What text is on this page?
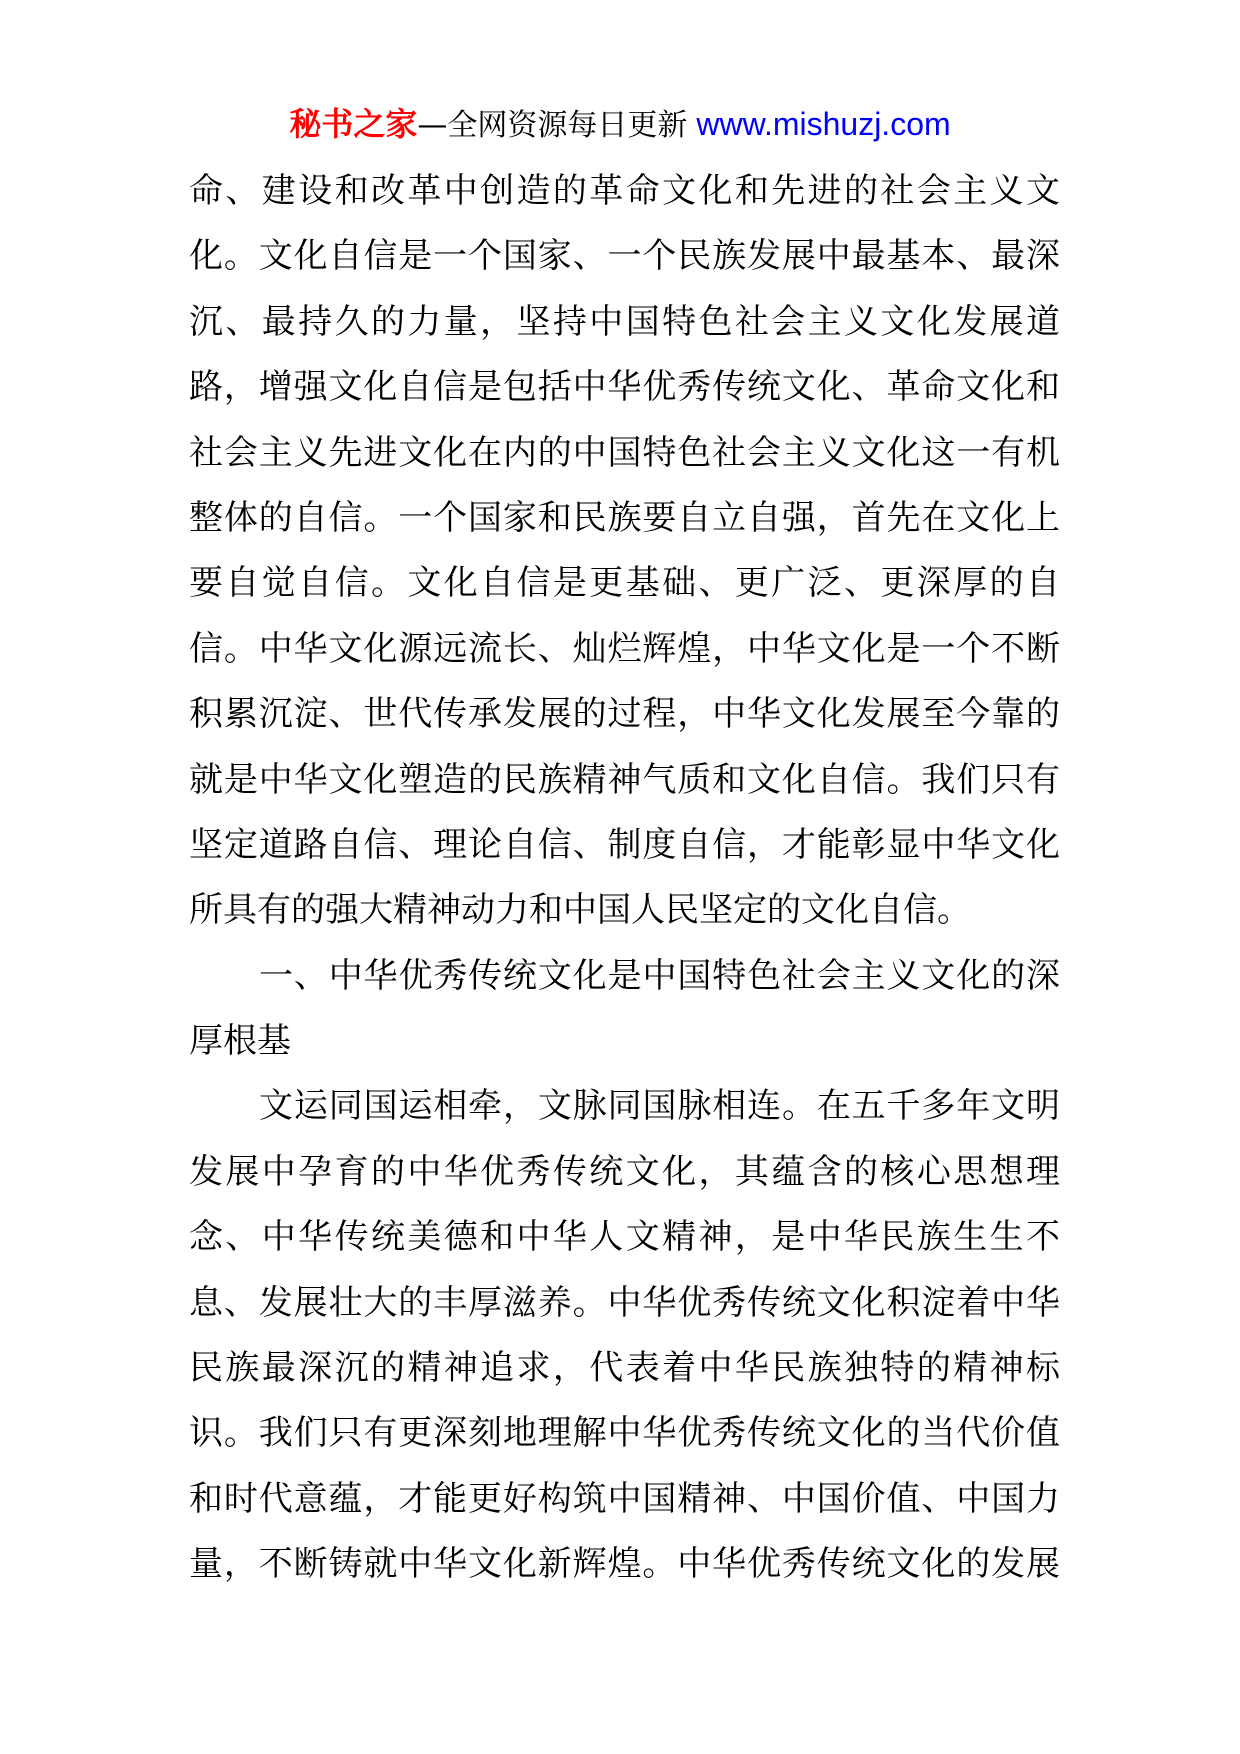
秘书之家—全网资源每日更新 www.mishuzj.com
命、建设和改革中创造的革命文化和先进的社会主义文
化。文化自信是一个国家、一个民族发展中最基本、最深
沉、最持久的力量，坚持中国特色社会主义文化发展道
路，增强文化自信是包括中华优秀传统文化、革命文化和
社会主义先进文化在内的中国特色社会主义文化这一有机
整体的自信。一个国家和民族要自立自强，首先在文化上
要自觉自信。文化自信是更基础、更广泛、更深厚的自
信。中华文化源远流长、灿烂辉煌，中华文化是一个不断
积累沉淀、世代传承发展的过程，中华文化发展至今靠的
就是中华文化塑造的民族精神气质和文化自信。我们只有
坚定道路自信、理论自信、制度自信，才能彰显中华文化
所具有的强大精神动力和中国人民坚定的文化自信。
一、中华优秀传统文化是中国特色社会主义文化的深
厚根基
文运同国运相牵，文脉同国脉相连。在五千多年文明
发展中孕育的中华优秀传统文化，其蕴含的核心思想理
念、中华传统美德和中华人文精神，是中华民族生生不
息、发展壮大的丰厚滋养。中华优秀传统文化积淀着中华
民族最深沉的精神追求，代表着中华民族独特的精神标
识。我们只有更深刻地理解中华优秀传统文化的当代价值
和时代意蕴，才能更好构筑中国精神、中国价值、中国力
量，不断铸就中华文化新辉煌。中华优秀传统文化的发展
